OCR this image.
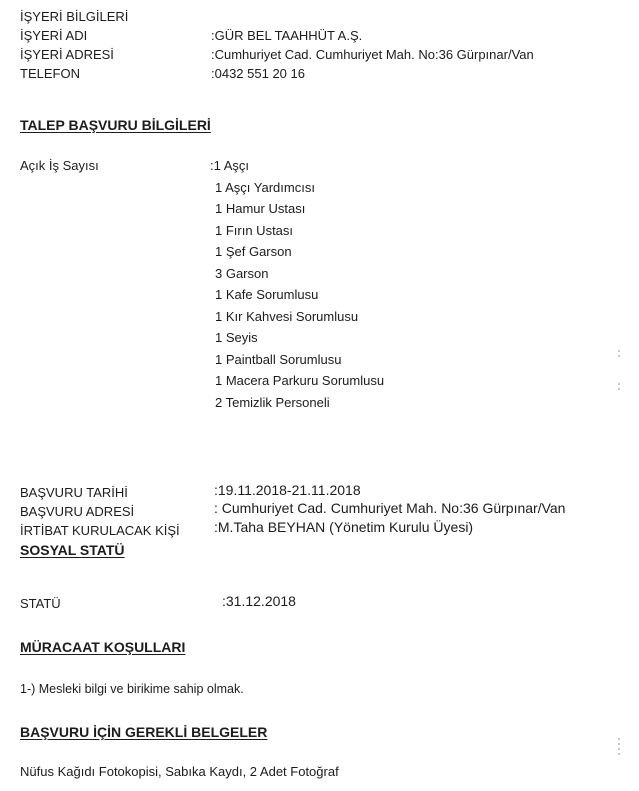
İŞYERİ BİLGİLERİ
İŞYERİ ADI	:GÜR BEL TAAHHÜT A.Ş.
İŞYERİ ADRESİ	:Cumhuriyet Cad. Cumhuriyet Mah. No:36 Gürpınar/Van
TELEFON	:0432 551 20 16
TALEP BAŞVURU BİLGİLERİ
Açık İş Sayısı	:1 Aşçı
1 Aşçı Yardımcısı
1 Hamur Ustası
1 Fırın Ustası
1 Şef Garson
3 Garson
1 Kafe Sorumlusu
1 Kır Kahvesi Sorumlusu
1 Seyis
1 Paintball Sorumlusu
1 Macera Parkuru Sorumlusu
2 Temizlik Personeli
BAŞVURU TARİHİ	:19.11.2018-21.11.2018
BAŞVURU ADRESİ	: Cumhuriyet Cad. Cumhuriyet Mah. No:36 Gürpınar/Van
İRTİBAT KURULACAK KİŞİ :M.Taha BEYHAN (Yönetim Kurulu Üyesi)
SOSYAL STATÜ
STATÜ	:31.12.2018
MÜRACAAT KOŞULLARI
1-) Mesleki bilgi ve birikime sahip olmak.
BAŞVURU İÇİN GEREKLİ BELGELER
Nüfus Kağıdı Fotokopisi, Sabıka Kaydı, 2 Adet Fotoğraf
